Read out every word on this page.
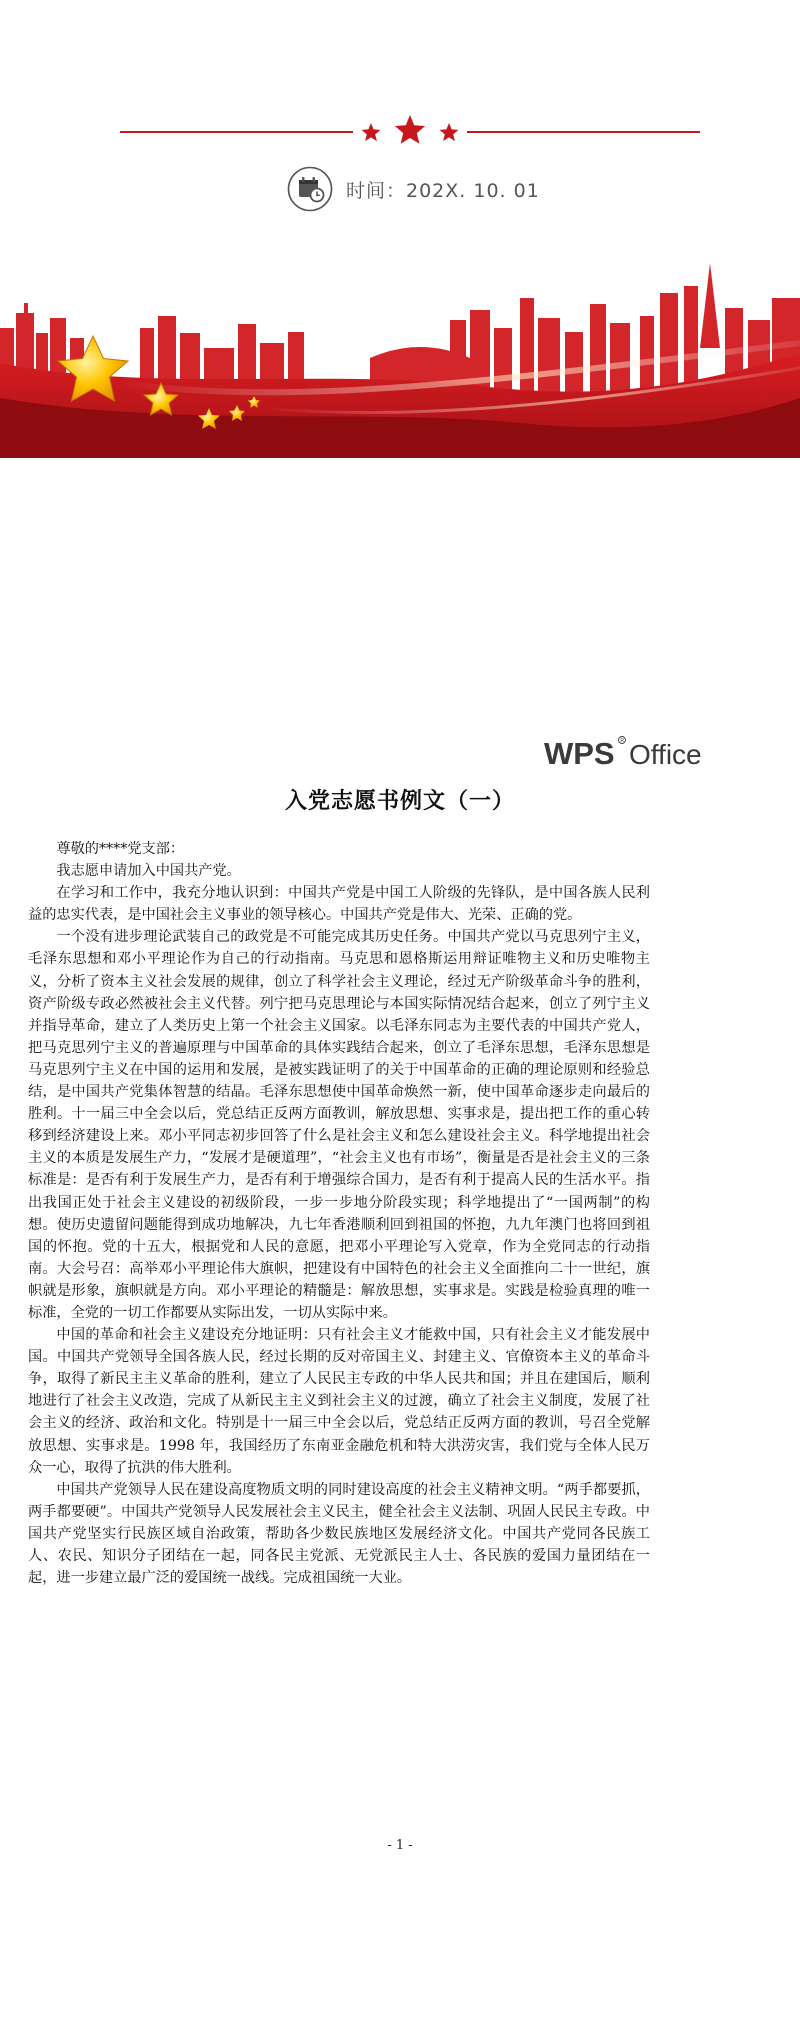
时间：202X. 10. 01
WPS R Office
入党志愿书例文（一）

尊敬的****党支部：

我志愿申请加入中国共产党。

在学习和工作中，我充分地认识到：中国共产党是中国工人阶级的先锋队，是中国各族人民利益的忠实代表，是中国社会主义事业的领导核心。中国共产党是伟大、光荣、正确的党。

一个没有进步理论武装自己的政党是不可能完成其历史任务。中国共产党以马克思列宁主义，毛泽东思想和邓小平理论作为自己的行动指南。马克思和恩格斯运用辩证唯物主义和历史唯物主义，分析了资本主义社会发展的规律，创立了科学社会主义理论，经过无产阶级革命斗争的胜利，资产阶级专政必然被社会主义代替。列宁把马克思理论与本国实际情况结合起来，创立了列宁主义并指导革命，建立了人类历史上第一个社会主义国家。以毛泽东同志为主要代表的中国共产党人，把马克思列宁主义的普遍原理与中国革命的具体实践结合起来，创立了毛泽东思想，毛泽东思想是马克思列宁主义在中国的运用和发展，是被实践证明了的关于中国革命的正确的理论原则和经验总结，是中国共产党集体智慧的结晶。毛泽东思想使中国革命焕然一新，使中国革命逐步走向最后的胜利。十一届三中全会以后，党总结正反两方面教训，解放思想、实事求是，提出把工作的重心转移到经济建设上来。邓小平同志初步回答了什么是社会主义和怎么建设社会主义。科学地提出社会主义的本质是发展生产力，“发展才是硬道理”，“社会主义也有市场”，衡量是否是社会主义的三条标准是：是否有利于发展生产力，是否有利于增强综合国力，是否有利于提高人民的生活水平。指出我国正处于社会主义建设的初级阶段，一步一步地分阶段实现；科学地提出了“一国两制”的构想。使历史遗留问题能得到成功地解决，九七年香港顺利回到祖国的怀抱，九九年澳门也将回到祖国的怀抱。党的十五大，根据党和人民的意愿，把邓小平理论写入党章，作为全党同志的行动指南。大会号召：高举邓小平理论伟大旗帜，把建设有中国特色的社会主义全面推向二十一世纪，旗帜就是形象，旗帜就是方向。邓小平理论的精髓是：解放思想，实事求是。实践是检验真理的唯一标准，全党的一切工作都要从实际出发，一切从实际中来。

中国的革命和社会主义建设充分地证明：只有社会主义才能救中国，只有社会主义才能发展中国。中国共产党领导全国各族人民，经过长期的反对帝国主义、封建主义、官僚资本主义的革命斗争，取得了新民主主义革命的胜利，建立了人民民主专政的中华人民共和国；并且在建国后，顺利地进行了社会主义改造，完成了从新民主主义到社会主义的过渡，确立了社会主义制度，发展了社会主义的经济、政治和文化。特别是十一届三中全会以后，党总结正反两方面的教训，号召全党解放思想、实事求是。1998 年，我国经历了东南亚金融危机和特大洪涝灾害，我们党与全体人民万众一心，取得了抗洪的伟大胜利。

中国共产党领导人民在建设高度物质文明的同时建设高度的社会主义精神文明。“两手都要抓，两手都要硬”。中国共产党领导人民发展社会主义民主，健全社会主义法制、巩固人民民主专政。中国共产党坚实行民族区域自治政策，帮助各少数民族地区发展经济文化。中国共产党同各民族工人、农民、知识分子团结在一起，同各民主党派、无党派民主人士、各民族的爱国力量团结在一起，进一步建立最广泛的爱国统一战线。完成祖国统一大业。

- 1 -
